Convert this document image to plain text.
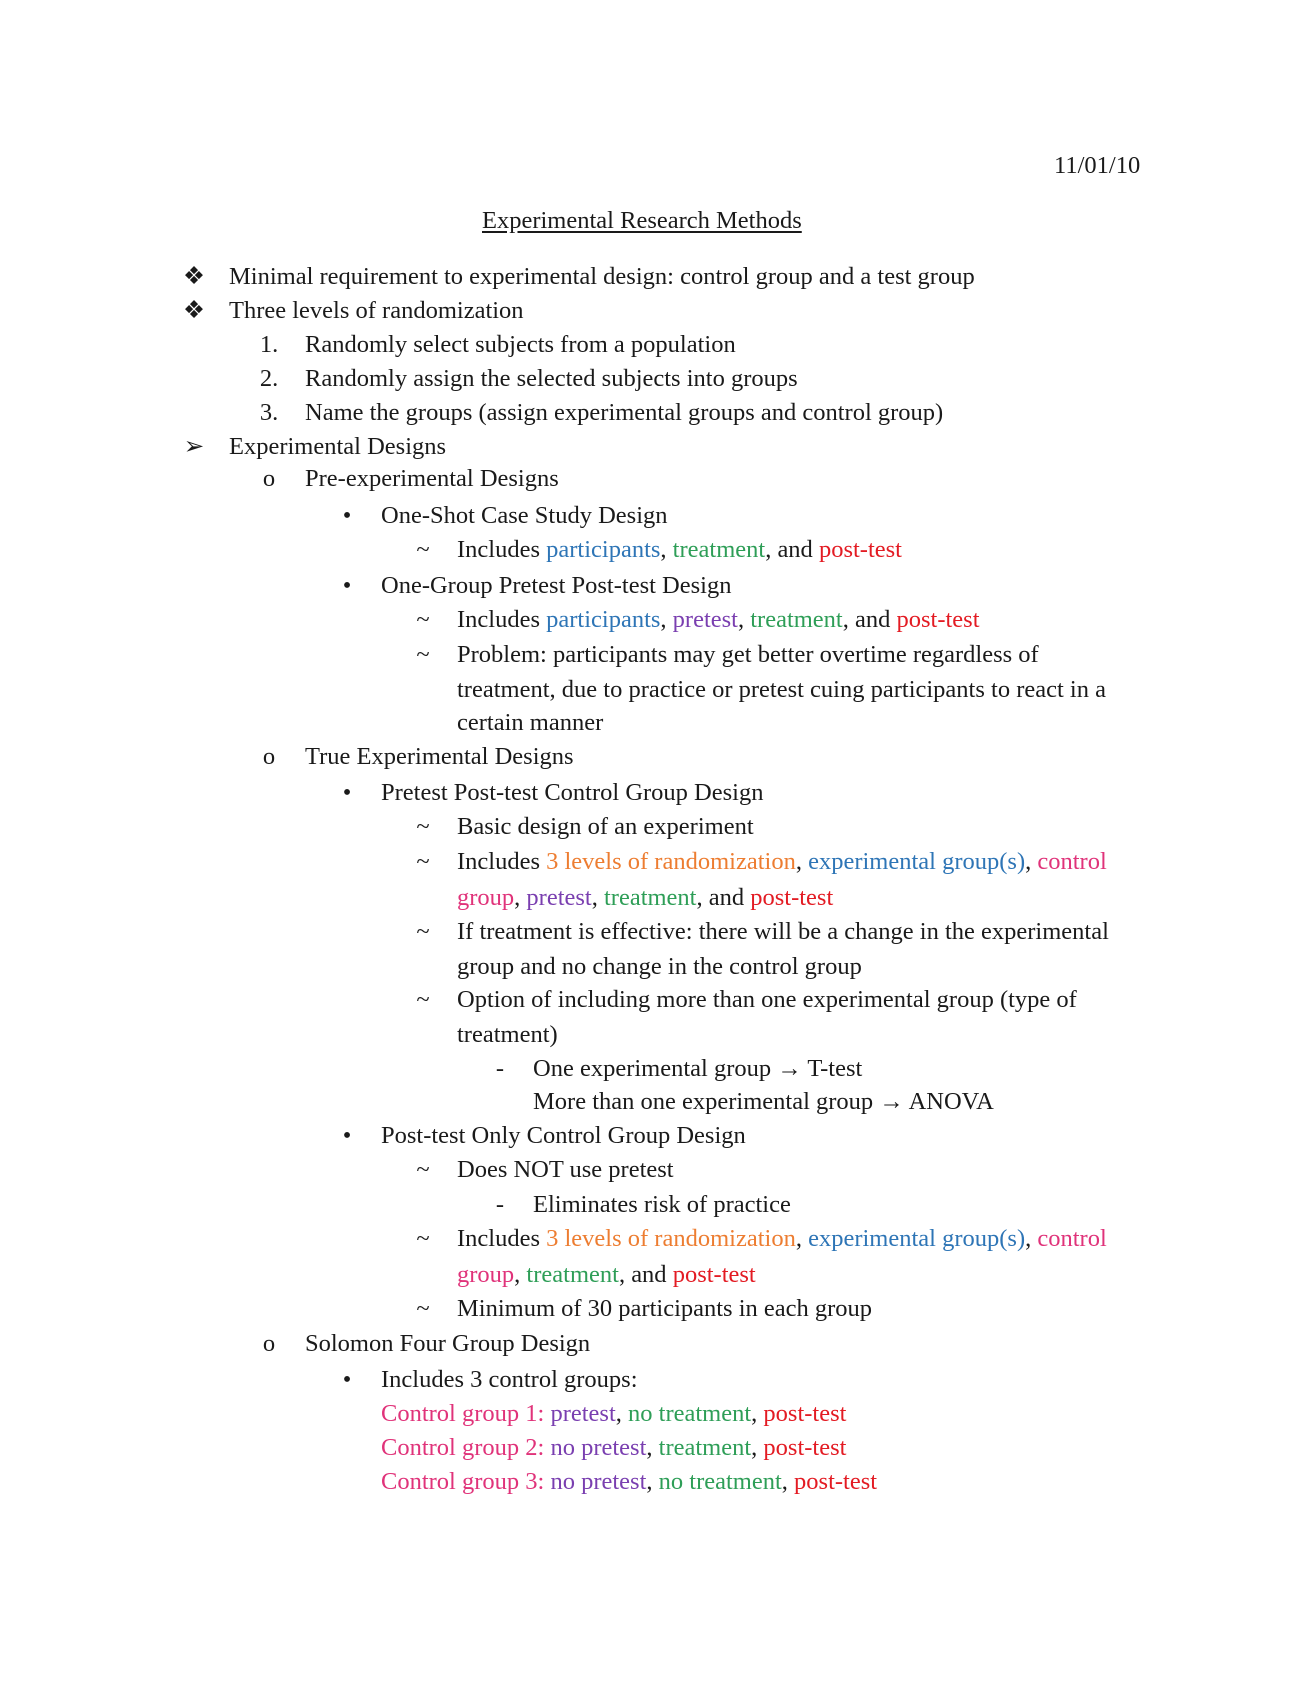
11/01/10
Experimental Research Methods
❖ Minimal requirement to experimental design: control group and a test group
❖ Three levels of randomization
1. Randomly select subjects from a population
2. Randomly assign the selected subjects into groups
3. Name the groups (assign experimental groups and control group)
➢ Experimental Designs
o Pre-experimental Designs
•	One-Shot Case Study Design
~ Includes participants, treatment, and post-test
•	One-Group Pretest Post-test Design
~ Includes participants, pretest, treatment, and post-test
~ Problem: participants may get better overtime regardless of
treatment, due to practice or pretest cuing participants to react in a
certain manner
o True Experimental Designs
•	Pretest Post-test Control Group Design
~ Basic design of an experiment
~ Includes 3 levels of randomization, experimental group(s), control
group, pretest, treatment, and post-test
~ If treatment is effective: there will be a change in the experimental
group and no change in the control group
~ Option of including more than one experimental group (type of
treatment)
-	One experimental group → T-test
More than one experimental group → ANOVA
•	Post-test Only Control Group Design
~ Does NOT use pretest
-	Eliminates risk of practice
~ Includes 3 levels of randomization, experimental group(s), control
group, treatment, and post-test
~ Minimum of 30 participants in each group
o Solomon Four Group Design
•	Includes 3 control groups:
Control group 1: pretest, no treatment, post-test
Control group 2: no pretest, treatment, post-test
Control group 3: no pretest, no treatment, post-test
